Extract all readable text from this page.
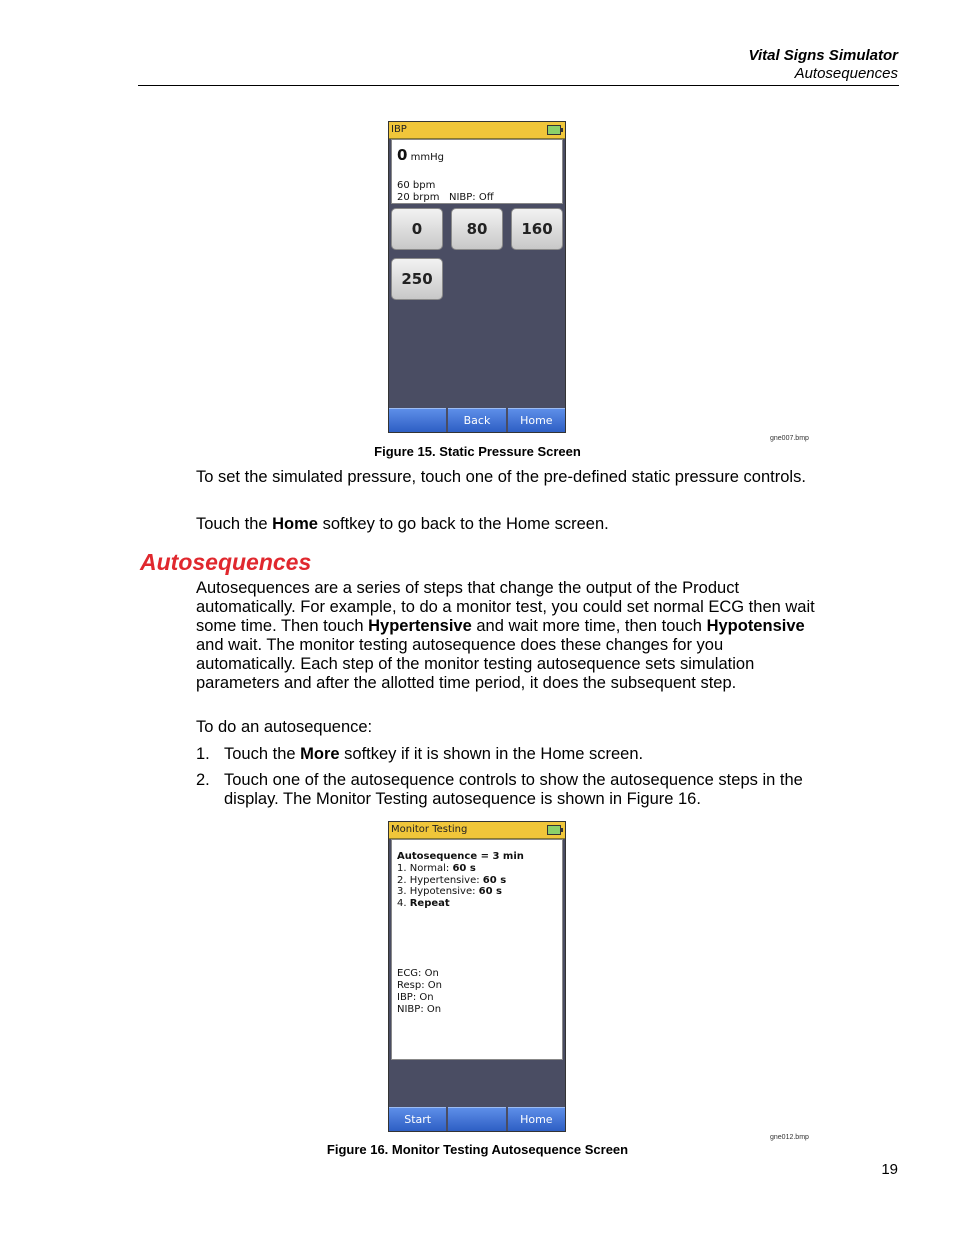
Vital Signs Simulator
Autosequences
IBP
0 mmHg
60 bpm
20 brpm   NIBP: Off
0	80	160
250
Back	Home
gne007.bmp
Figure 15. Static Pressure Screen
To set the simulated pressure, touch one of the pre-defined static pressure controls.
Touch the Home softkey to go back to the Home screen.
Autosequences
Autosequences are a series of steps that change the output of the Product automatically. For example, to do a monitor test, you could set normal ECG then wait some time. Then touch Hypertensive and wait more time, then touch Hypotensive and wait. The monitor testing autosequence does these changes for you automatically. Each step of the monitor testing autosequence sets simulation parameters and after the allotted time period, it does the subsequent step.
To do an autosequence:
1. Touch the More softkey if it is shown in the Home screen.
2. Touch one of the autosequence controls to show the autosequence steps in the display. The Monitor Testing autosequence is shown in Figure 16.
Monitor Testing
Autosequence = 3 min
1. Normal: 60 s
2. Hypertensive: 60 s
3. Hypotensive: 60 s
4. Repeat
ECG: On
Resp: On
IBP: On
NIBP: On
Start	Home
gne012.bmp
Figure 16. Monitor Testing Autosequence Screen
19
